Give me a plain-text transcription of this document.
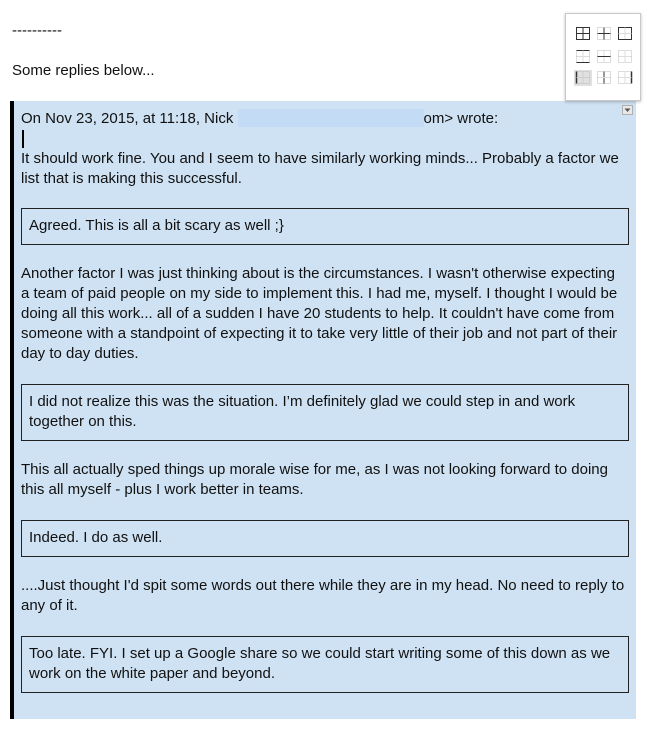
----------
Some replies below...
On Nov 23, 2015, at 11:18, Nick	om> wrote:

It should work fine. You and I seem to have similarly working minds... Probably a factor we list that is making this successful.

Agreed. This is all a bit scary as well ;}

Another factor I was just thinking about is the circumstances. I wasn't otherwise expecting a team of paid people on my side to implement this. I had me, myself. I thought I would be doing all this work... all of a sudden I have 20 students to help. It couldn't have come from someone with a standpoint of expecting it to take very little of their job and not part of their day to day duties.

I did not realize this was the situation. I’m definitely glad we could step in and work together on this.

This all actually sped things up morale wise for me, as I was not looking forward to doing this all myself - plus I work better in teams.

Indeed. I do as well.

....Just thought I'd spit some words out there while they are in my head. No need to reply to any of it.

Too late. FYI. I set up a Google share so we could start writing some of this down as we work on the white paper and beyond.
